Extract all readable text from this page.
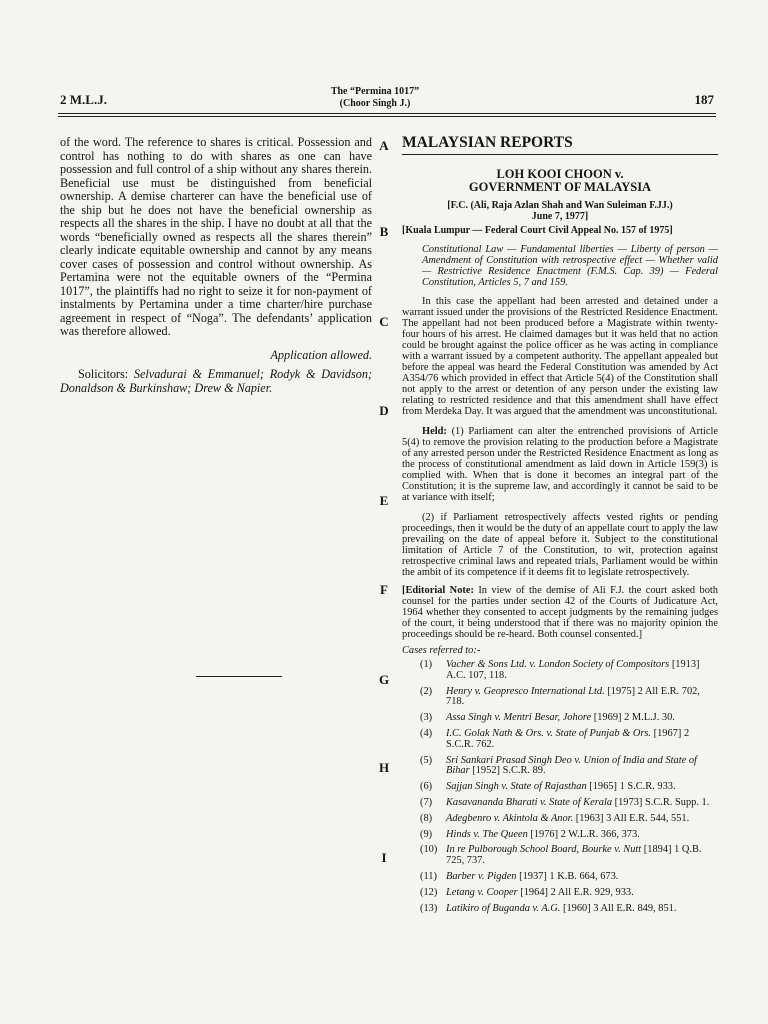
2 M.L.J.
The “Permina 1017”
(Choor Singh J.)	187

of the word. The reference to shares is critical. Possession and control has nothing to do with shares as one can have possession and full control of a ship without any shares therein. Beneficial use must be distinguished from beneficial ownership. A demise charterer can have the beneficial use of the ship but he does not have the beneficial ownership as respects all the shares in the ship. I have no doubt at all that the words “beneficially owned as respects all the shares therein” clearly indicate equitable ownership and cannot by any means cover cases of possession and control without ownership. As Pertamina were not the equitable owners of the “Permina 1017”, the plaintiffs had no right to seize it for non-payment of instalments by Pertamina under a time charter/hire purchase agreement in respect of “Noga”. The defendants’ application was therefore allowed.

Application allowed.

Solicitors: Selvadurai & Emmanuel; Rodyk & Davidson; Donaldson & Burkinshaw; Drew & Napier.

A
B
C
D
E
F
G
H
I
MALAYSIAN REPORTS

LOH KOOI CHOON v.
GOVERNMENT OF MALAYSIA

[F.C. (Ali, Raja Azlan Shah and Wan Suleiman F.JJ.)
June 7, 1977]

[Kuala Lumpur — Federal Court Civil Appeal No. 157 of 1975]

Constitutional Law — Fundamental liberties — Liberty of person — Amendment of Constitution with retrospective effect — Whether valid — Restrictive Residence Enactment (F.M.S. Cap. 39) — Federal Constitution, Articles 5, 7 and 159.

In this case the appellant had been arrested and detained under a warrant issued under the provisions of the Restricted Residence Enactment. The appellant had not been produced before a Magistrate within twenty-four hours of his arrest. He claimed damages but it was held that no action could be brought against the police officer as he was acting in compliance with a warrant issued by a competent authority. The appellant appealed but before the appeal was heard the Federal Constitution was amended by Act A354/76 which provided in effect that Article 5(4) of the Constitution shall not apply to the arrest or detention of any person under the existing law relating to restricted residence and that this amendment shall have effect from Merdeka Day. It was argued that the amendment was unconstitutional.

Held: (1) Parliament can alter the entrenched provisions of Article 5(4) to remove the provision relating to the production before a Magistrate of any arrested person under the Restricted Residence Enactment as long as the process of constitutional amendment as laid down in Article 159(3) is complied with. When that is done it becomes an integral part of the Constitution; it is the supreme law, and accordingly it cannot be said to be at variance with itself;

(2) if Parliament retrospectively affects vested rights or pending proceedings, then it would be the duty of an appellate court to apply the law prevailing on the date of appeal before it. Subject to the constitutional limitation of Article 7 of the Constitution, to wit, protection against retrospective criminal laws and repeated trials, Parliament would be within the ambit of its competence if it deems fit to legislate retrospectively.

[Editorial Note: In view of the demise of Ali F.J. the court asked both counsel for the parties under section 42 of the Courts of Judicature Act, 1964 whether they consented to accept judgments by the remaining judges of the court, it being understood that if there was no majority opinion the proceedings should be re-heard. Both counsel consented.]

Cases referred to:-

(1)	Vacher & Sons Ltd. v. London Society of Compositors [1913] A.C. 107, 118.
(2)	Henry v. Geopresco International Ltd. [1975] 2 All E.R. 702, 718.
(3)	Assa Singh v. Mentri Besar, Johore [1969] 2 M.L.J. 30.
(4)	I.C. Golak Nath & Ors. v. State of Punjab & Ors. [1967] 2 S.C.R. 762.
(5)	Sri Sankari Prasad Singh Deo v. Union of India and State of Bihar [1952] S.C.R. 89.
(6)	Sajjan Singh v. State of Rajasthan [1965] 1 S.C.R. 933.
(7)	Kasavananda Bharati v. State of Kerala [1973] S.C.R. Supp. 1.
(8)	Adegbenro v. Akintola & Anor. [1963] 3 All E.R. 544, 551.
(9)	Hinds v. The Queen [1976] 2 W.L.R. 366, 373.
(10) In re Pulborough School Board, Bourke v. Nutt [1894] 1 Q.B. 725, 737.
(11) Barber v. Pigden [1937] 1 K.B. 664, 673.
(12) Letang v. Cooper [1964] 2 All E.R. 929, 933.
(13) Latikiro of Buganda v. A.G. [1960] 3 All E.R. 849, 851.
